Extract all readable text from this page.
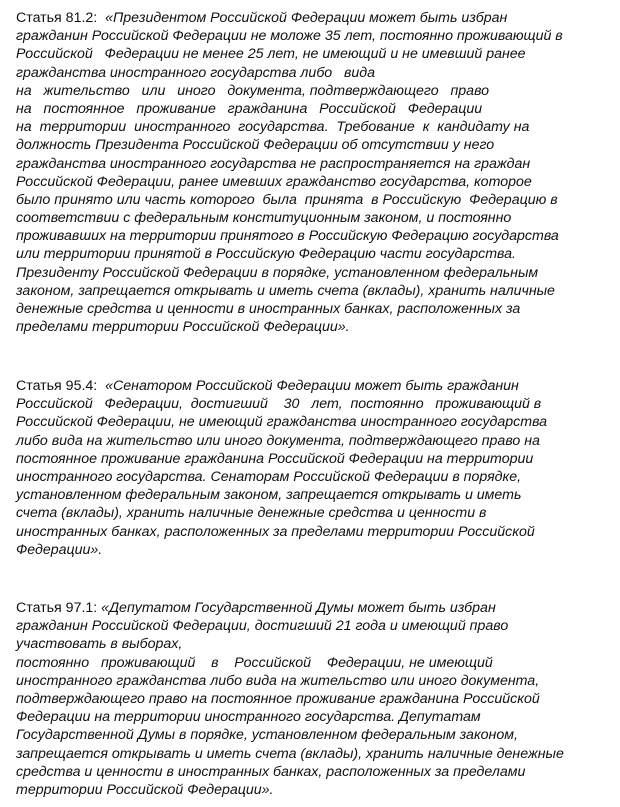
Статья 81.2:  «Президентом Российской Федерации может быть избран
гражданин Российской Федерации не моложе 35 лет, постоянно проживающий в
Российской   Федерации не менее 25 лет, не имеющий и не имевший ранее
гражданства иностранного государства либо   вида
на   жительство   или   иного   документа, подтверждающего   право
на   постоянное   проживание   гражданина   Российской   Федерации
на  территории  иностранного  государства.  Требование  к  кандидату на
должность Президента Российской Федерации об отсутствии у него
гражданства иностранного государства не распространяется на граждан
Российской Федерации, ранее имевших гражданство государства, которое
было принято или часть которого  была  принята  в Российскую  Федерацию в
соответствии с федеральным конституционным законом, и постоянно
проживавших на территории принятого в Российскую Федерацию государства
или территории принятой в Российскую Федерацию части государства.
Президенту Российской Федерации в порядке, установленном федеральным
законом, запрещается открывать и иметь счета (вклады), хранить наличные
денежные средства и ценности в иностранных банках, расположенных за
пределами территории Российской Федерации».
Статья 95.4:  «Сенатором Российской Федерации может быть гражданин
Российской   Федерации,  достигший    30   лет,  постоянно   проживающий в
Российской Федерации, не имеющий гражданства иностранного государства
либо вида на жительство или иного документа, подтверждающего право на
постоянное проживание гражданина Российской Федерации на территории
иностранного государства. Сенаторам Российской Федерации в порядке,
установленном федеральным законом, запрещается открывать и иметь
счета (вклады), хранить наличные денежные средства и ценности в
иностранных банках, расположенных за пределами территории Российской
Федерации».
Статья 97.1: «Депутатом Государственной Думы может быть избран
гражданин Российской Федерации, достигший 21 года и имеющий право
участвовать в выборах,
постоянно   проживающий    в    Российской    Федерации, не имеющий
иностранного гражданства либо вида на жительство или иного документа,
подтверждающего право на постоянное проживание гражданина Российской
Федерации на территории иностранного государства. Депутатам
Государственной Думы в порядке, установленном федеральным законом,
запрещается открывать и иметь счета (вклады), хранить наличные денежные
средства и ценности в иностранных банках, расположенных за пределами
территории Российской Федерации».
